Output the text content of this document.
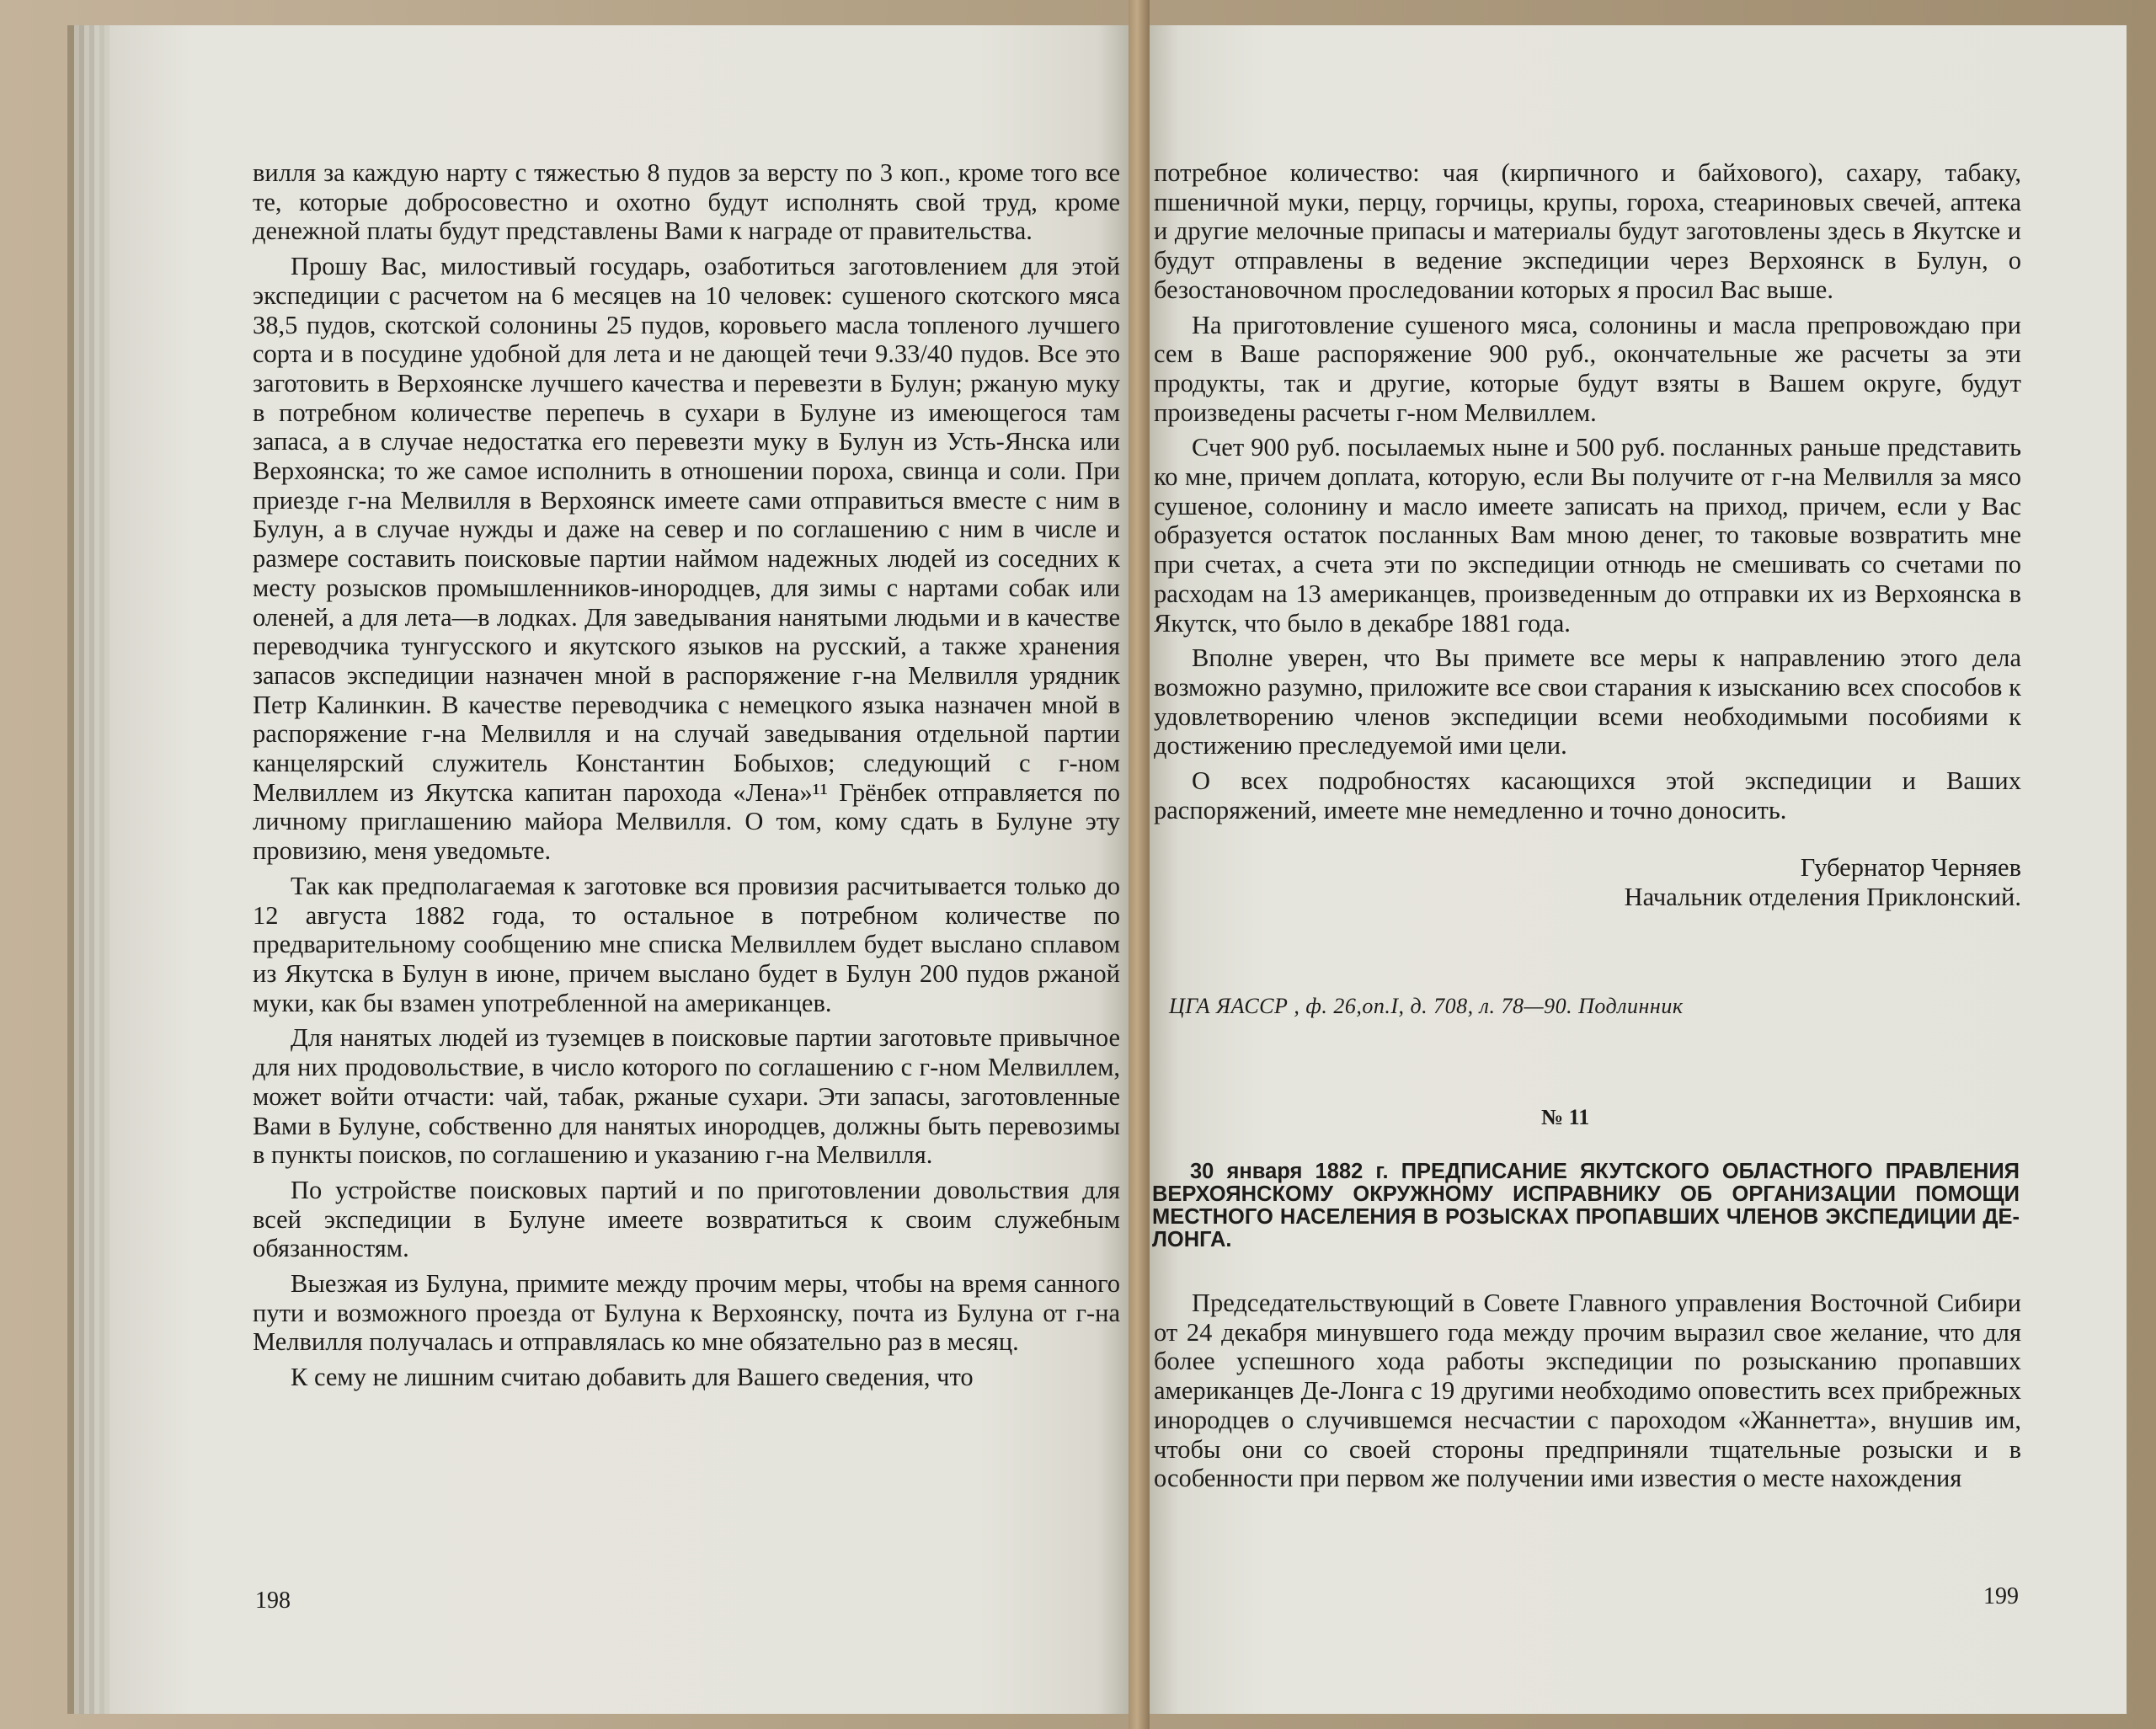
вилля за каждую нарту с тяжестью 8 пудов за версту по 3 коп., кроме того все те, которые добросовестно и охотно будут исполнять свой труд, кроме денежной платы будут представлены Вами к награде от правительства.

Прошу Вас, милостивый государь, озаботиться заготовлением для этой экспедиции с расчетом на 6 месяцев на 10 человек: сушеного скотского мяса 38,5 пудов, скотской солонины 25 пудов, коровьего масла топленого лучшего сорта и в посудине удобной для лета и не дающей течи 9.33/40 пудов. Все это заготовить в Верхоянске лучшего качества и перевезти в Булун; ржаную муку в потребном количестве перепечь в сухари в Булуне из имеющегося там запаса, а в случае недостатка его перевезти муку в Булун из Усть-Янска или Верхоянска; то же самое исполнить в отношении пороха, свинца и соли. При приезде г-на Мелвилля в Верхоянск имеете сами отправиться вместе с ним в Булун, а в случае нужды и даже на север и по соглашению с ним в числе и размере составить поисковые партии наймом надежных людей из соседних к месту розысков промышленников-инородцев, для зимы с нартами собак или оленей, а для лета—в лодках. Для заведывания нанятыми людьми и в качестве переводчика тунгусского и якутского языков на русский, а также хранения запасов экспедиции назначен мной в распоряжение г-на Мелвилля урядник Петр Калинкин. В качестве переводчика с немецкого языка назначен мной в распоряжение г-на Мелвилля и на случай заведывания отдельной партии канцелярский служитель Константин Бобыхов; следующий с г-ном Мелвиллем из Якутска капитан парохода «Лена»¹¹ Грёнбек отправляется по личному приглашению майора Мелвилля. О том, кому сдать в Булуне эту провизию, меня уведомьте.

Так как предполагаемая к заготовке вся провизия расчитывается только до 12 августа 1882 года, то остальное в потребном количестве по предварительному сообщению мне списка Мелвиллем будет выслано сплавом из Якутска в Булун в июне, причем выслано будет в Булун 200 пудов ржаной муки, как бы взамен употребленной на американцев.

Для нанятых людей из туземцев в поисковые партии заготовьте привычное для них продовольствие, в число которого по соглашению с г-ном Мелвиллем, может войти отчасти: чай, табак, ржаные сухари. Эти запасы, заготовленные Вами в Булуне, собственно для нанятых инородцев, должны быть перевозимы в пункты поисков, по соглашению и указанию г-на Мелвилля.

По устройстве поисковых партий и по приготовлении довольствия для всей экспедиции в Булуне имеете возвратиться к своим служебным обязанностям.

Выезжая из Булуна, примите между прочим меры, чтобы на время санного пути и возможного проезда от Булуна к Верхоянску, почта из Булуна от г-на Мелвилля получалась и отправлялась ко мне обязательно раз в месяц.

К сему не лишним считаю добавить для Вашего сведения, что

198

потребное количество: чая (кирпичного и байхового), сахару, табаку, пшеничной муки, перцу, горчицы, крупы, гороха, стеариновых свечей, аптека и другие мелочные припасы и материалы будут заготовлены здесь в Якутске и будут отправлены в ведение экспедиции через Верхоянск в Булун, о безостановочном проследовании которых я просил Вас выше.

На приготовление сушеного мяса, солонины и масла препровождаю при сем в Ваше распоряжение 900 руб., окончательные же расчеты за эти продукты, так и другие, которые будут взяты в Вашем округе, будут произведены расчеты г-ном Мелвиллем.

Счет 900 руб. посылаемых ныне и 500 руб. посланных раньше представить ко мне, причем доплата, которую, если Вы получите от г-на Мелвилля за мясо сушеное, солонину и масло имеете записать на приход, причем, если у Вас образуется остаток посланных Вам мною денег, то таковые возвратить мне при счетах, а счета эти по экспедиции отнюдь не смешивать со счетами по расходам на 13 американцев, произведенным до отправки их из Верхоянска в Якутск, что было в декабре 1881 года.

Вполне уверен, что Вы примете все меры к направлению этого дела возможно разумно, приложите все свои старания к изысканию всех способов к удовлетворению членов экспедиции всеми необходимыми пособиями к достижению преследуемой ими цели.

О всех подробностях касающихся этой экспедиции и Ваших распоряжений, имеете мне немедленно и точно доносить.

Губернатор Черняев

Начальник отделения Приклонский.

ЦГА ЯАССР , ф. 26,оп.I, д. 708, л. 78—90. Подлинник
№ 11
30 января 1882 г. ПРЕДПИСАНИЕ ЯКУТСКОГО ОБЛАСТНОГО ПРАВЛЕНИЯ ВЕРХОЯНСКОМУ ОКРУЖНОМУ ИСПРАВНИКУ ОБ ОРГАНИЗАЦИИ ПОМОЩИ МЕСТНОГО НАСЕЛЕНИЯ В РОЗЫСКАХ ПРОПАВШИХ ЧЛЕНОВ ЭКСПЕДИЦИИ ДЕ-ЛОНГА.

Председательствующий в Совете Главного управления Восточной Сибири от 24 декабря минувшего года между прочим выразил свое желание, что для более успешного хода работы экспедиции по розысканию пропавших американцев Де-Лонга с 19 другими необходимо оповестить всех прибрежных инородцев о случившемся несчастии с пароходом «Жаннетта», внушив им, чтобы они со своей стороны предприняли тщательные розыски и в особенности при первом же получении ими известия о месте нахождения

199
